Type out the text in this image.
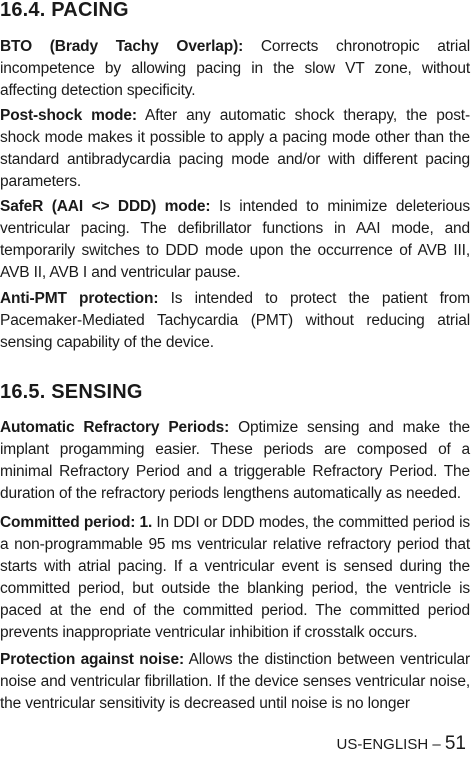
16.4. PACING

BTO (Brady Tachy Overlap): Corrects chronotropic atrial incompetence by allowing pacing in the slow VT zone, without affecting detection specificity.

Post-shock mode: After any automatic shock therapy, the post-shock mode makes it possible to apply a pacing mode other than the standard antibradycardia pacing mode and/or with different pacing parameters.

SafeR (AAI <> DDD) mode: Is intended to minimize deleterious ventricular pacing. The defibrillator functions in AAI mode, and temporarily switches to DDD mode upon the occurrence of AVB III, AVB II, AVB I and ventricular pause.

Anti-PMT protection: Is intended to protect the patient from Pacemaker-Mediated Tachycardia (PMT) without reducing atrial sensing capability of the device.

16.5. SENSING

Automatic Refractory Periods: Optimize sensing and make the implant progamming easier. These periods are composed of a minimal Refractory Period and a triggerable Refractory Period. The duration of the refractory periods lengthens automatically as needed.

Committed period: 1. In DDI or DDD modes, the committed period is a non-programmable 95 ms ventricular relative refractory period that starts with atrial pacing. If a ventricular event is sensed during the committed period, but outside the blanking period, the ventricle is paced at the end of the committed period. The committed period prevents inappropriate ventricular inhibition if crosstalk occurs.

Protection against noise: Allows the distinction between ventricular noise and ventricular fibrillation. If the device senses ventricular noise, the ventricular sensitivity is decreased until noise is no longer

US-ENGLISH – 51
